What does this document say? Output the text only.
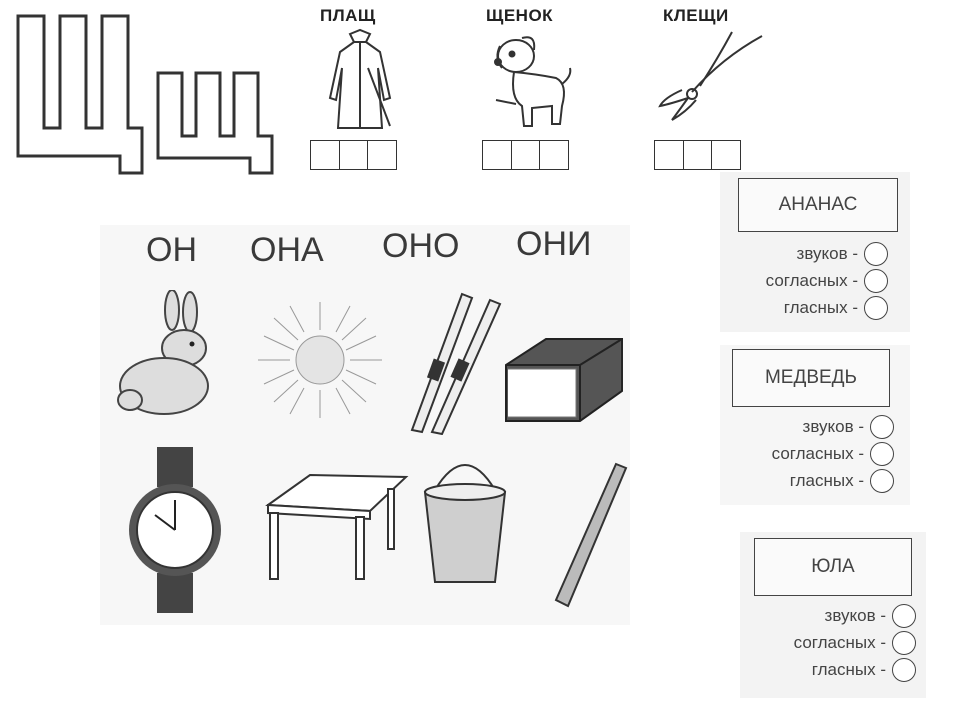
ПЛАЩ	ЩЕНОК	КЛЕЩИ
ОН ОНА ОНО ОНИ
АНАНАС
звуков -
согласных -
гласных -
МЕДВЕДЬ
звуков -
согласных -
гласных -
ЮЛА
звуков -
согласных -
гласных -
